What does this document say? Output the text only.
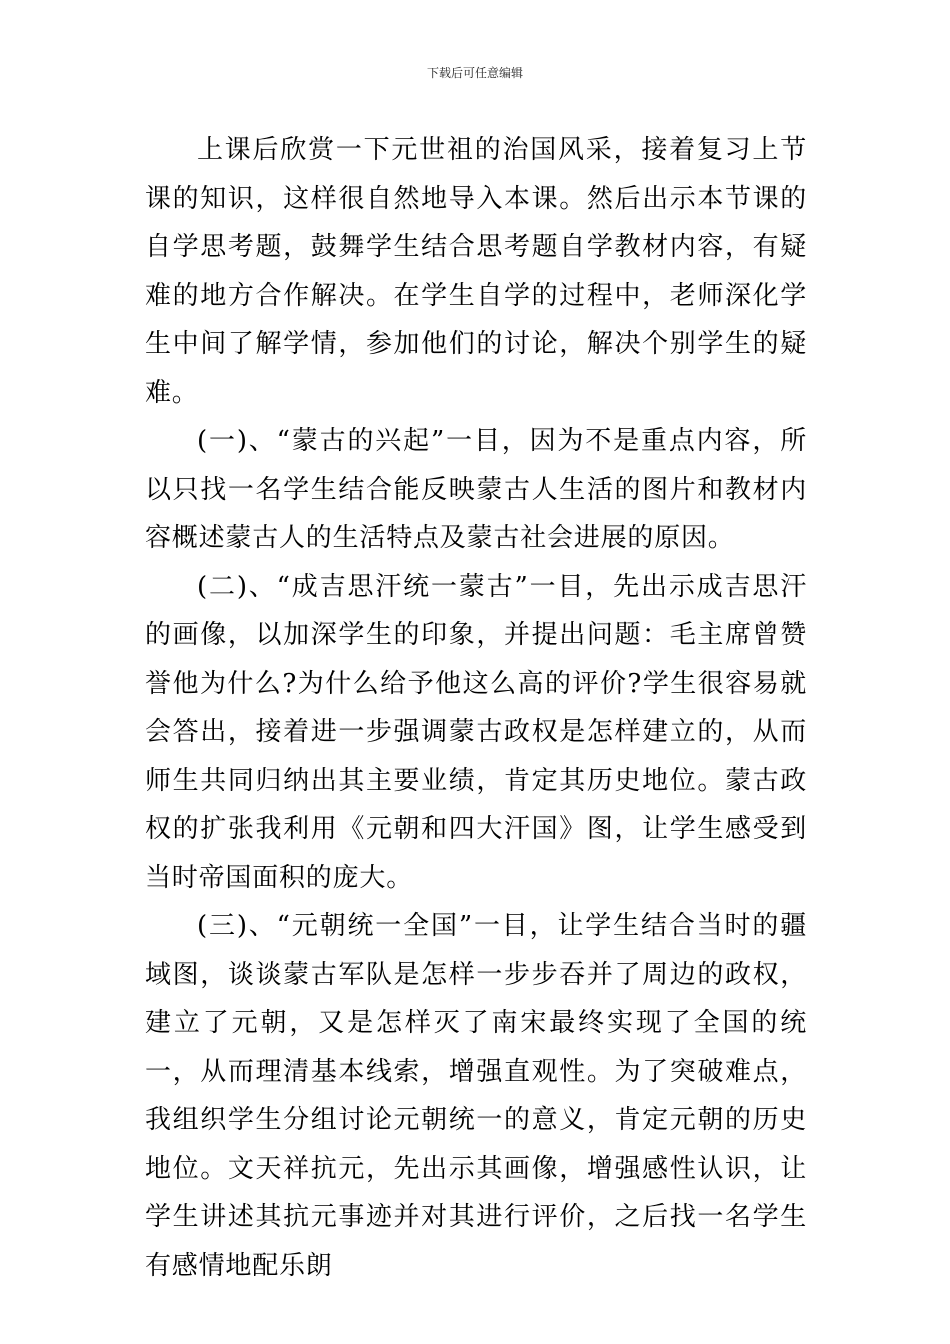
下载后可任意编辑

上课后欣赏一下元世祖的治国风采，接着复习上节课的知识，这样很自然地导入本课。然后出示本节课的自学思考题，鼓舞学生结合思考题自学教材内容，有疑难的地方合作解决。在学生自学的过程中，老师深化学生中间了解学情，参加他们的讨论，解决个别学生的疑难。

(一)、“蒙古的兴起”一目，因为不是重点内容，所以只找一名学生结合能反映蒙古人生活的图片和教材内容概述蒙古人的生活特点及蒙古社会进展的原因。

(二)、“成吉思汗统一蒙古”一目，先出示成吉思汗的画像，以加深学生的印象，并提出问题：毛主席曾赞誉他为什么?为什么给予他这么高的评价?学生很容易就会答出，接着进一步强调蒙古政权是怎样建立的，从而师生共同归纳出其主要业绩，肯定其历史地位。蒙古政权的扩张我利用《元朝和四大汗国》图，让学生感受到当时帝国面积的庞大。

(三)、“元朝统一全国”一目，让学生结合当时的疆域图，谈谈蒙古军队是怎样一步步吞并了周边的政权，建立了元朝，又是怎样灭了南宋最终实现了全国的统一，从而理清基本线索，增强直观性。为了突破难点，我组织学生分组讨论元朝统一的意义，肯定元朝的历史地位。文天祥抗元，先出示其画像，增强感性认识，让学生讲述其抗元事迹并对其进行评价，之后找一名学生有感情地配乐朗
